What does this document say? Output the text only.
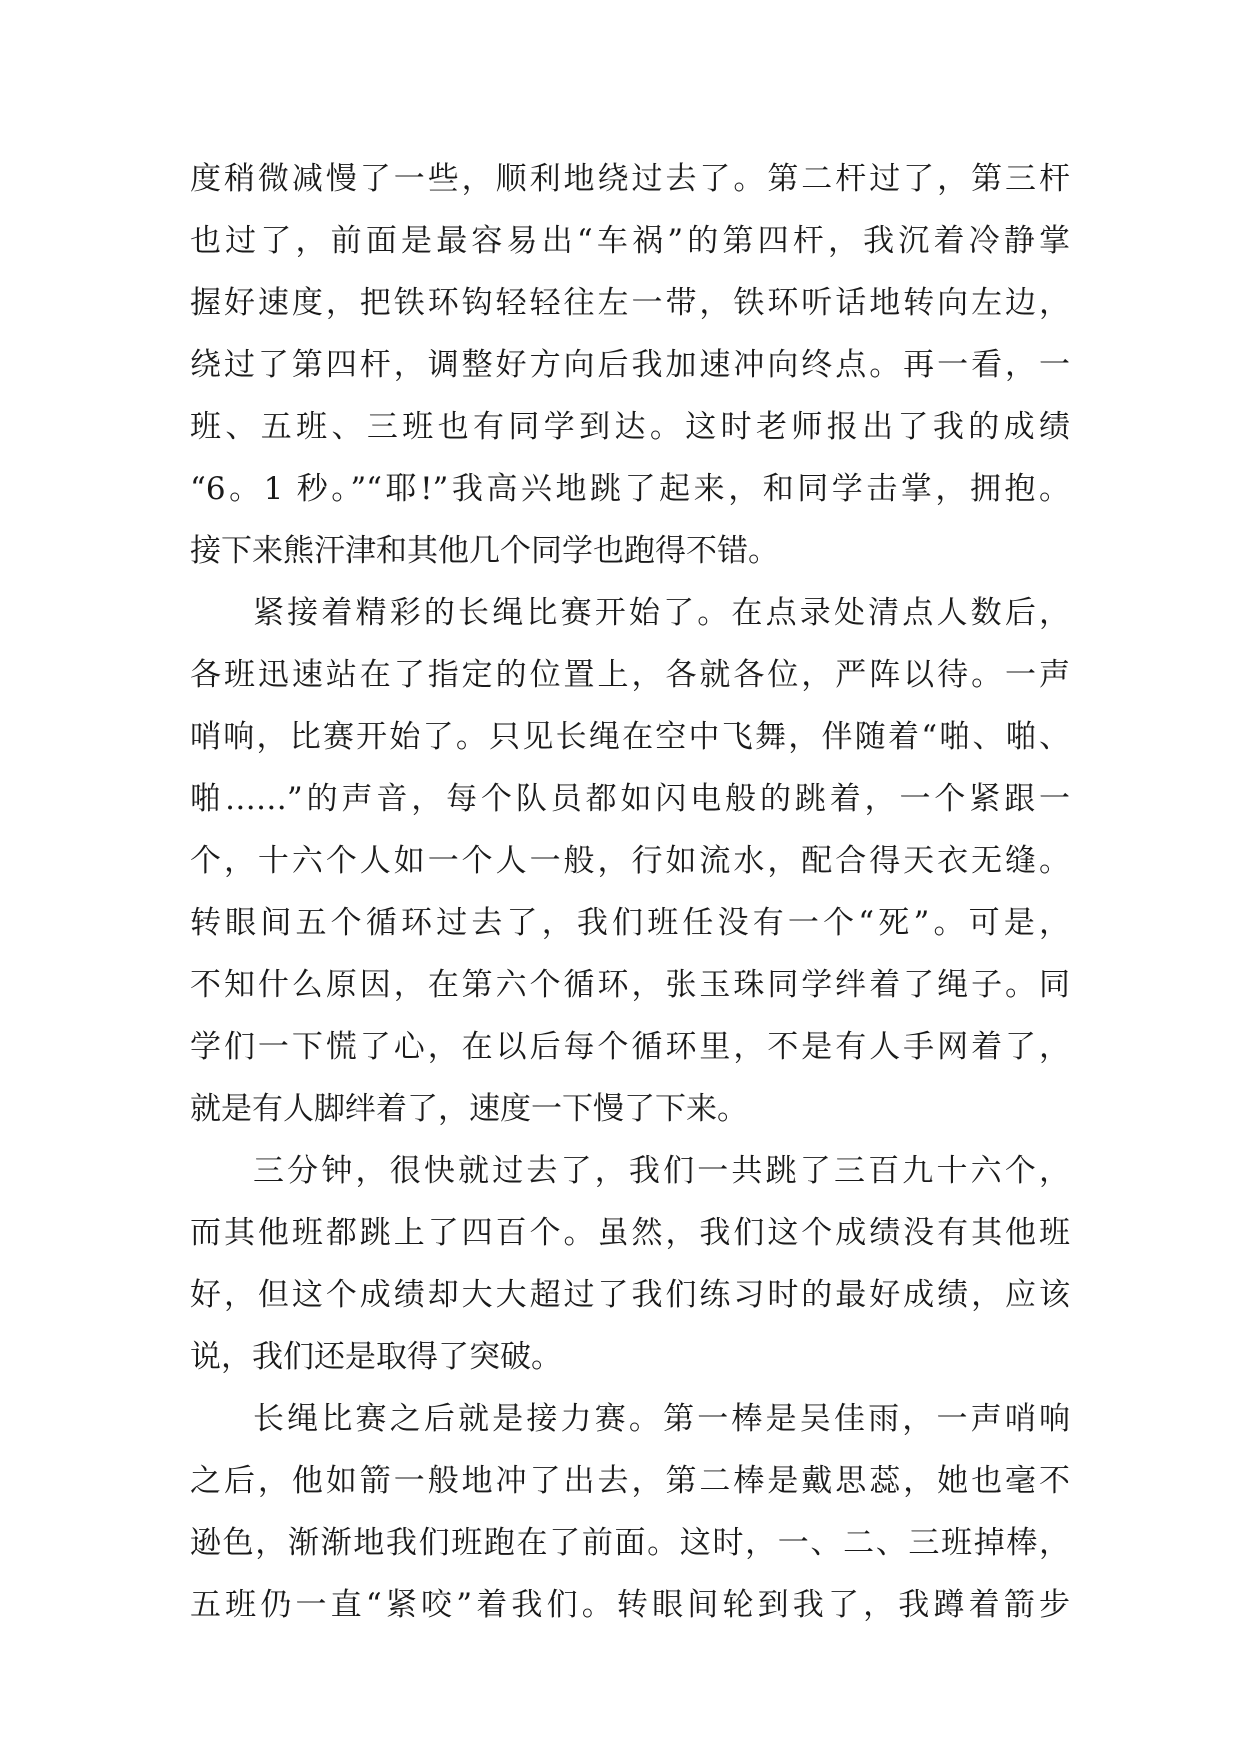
度稍微减慢了一些，顺利地绕过去了。第二杆过了，第三杆
也过了，前面是最容易出“车祸”的第四杆，我沉着冷静掌
握好速度，把铁环钩轻轻往左一带，铁环听话地转向左边，
绕过了第四杆，调整好方向后我加速冲向终点。再一看，一
班、五班、三班也有同学到达。这时老师报出了我的成绩
“6。1 秒。”“耶!”我高兴地跳了起来，和同学击掌，拥抱。
接下来熊汗津和其他几个同学也跑得不错。
紧接着精彩的长绳比赛开始了。在点录处清点人数后，
各班迅速站在了指定的位置上，各就各位，严阵以待。一声
哨响，比赛开始了。只见长绳在空中飞舞，伴随着“啪、啪、
啪……”的声音，每个队员都如闪电般的跳着，一个紧跟一
个，十六个人如一个人一般，行如流水，配合得天衣无缝。
转眼间五个循环过去了，我们班任没有一个“死”。可是，
不知什么原因，在第六个循环，张玉珠同学绊着了绳子。同
学们一下慌了心，在以后每个循环里，不是有人手网着了，
就是有人脚绊着了，速度一下慢了下来。
三分钟，很快就过去了，我们一共跳了三百九十六个，
而其他班都跳上了四百个。虽然，我们这个成绩没有其他班
好，但这个成绩却大大超过了我们练习时的最好成绩，应该
说，我们还是取得了突破。
长绳比赛之后就是接力赛。第一棒是吴佳雨，一声哨响
之后，他如箭一般地冲了出去，第二棒是戴思蕊，她也毫不
逊色，渐渐地我们班跑在了前面。这时，一、二、三班掉棒，
五班仍一直“紧咬”着我们。转眼间轮到我了，我蹲着箭步
